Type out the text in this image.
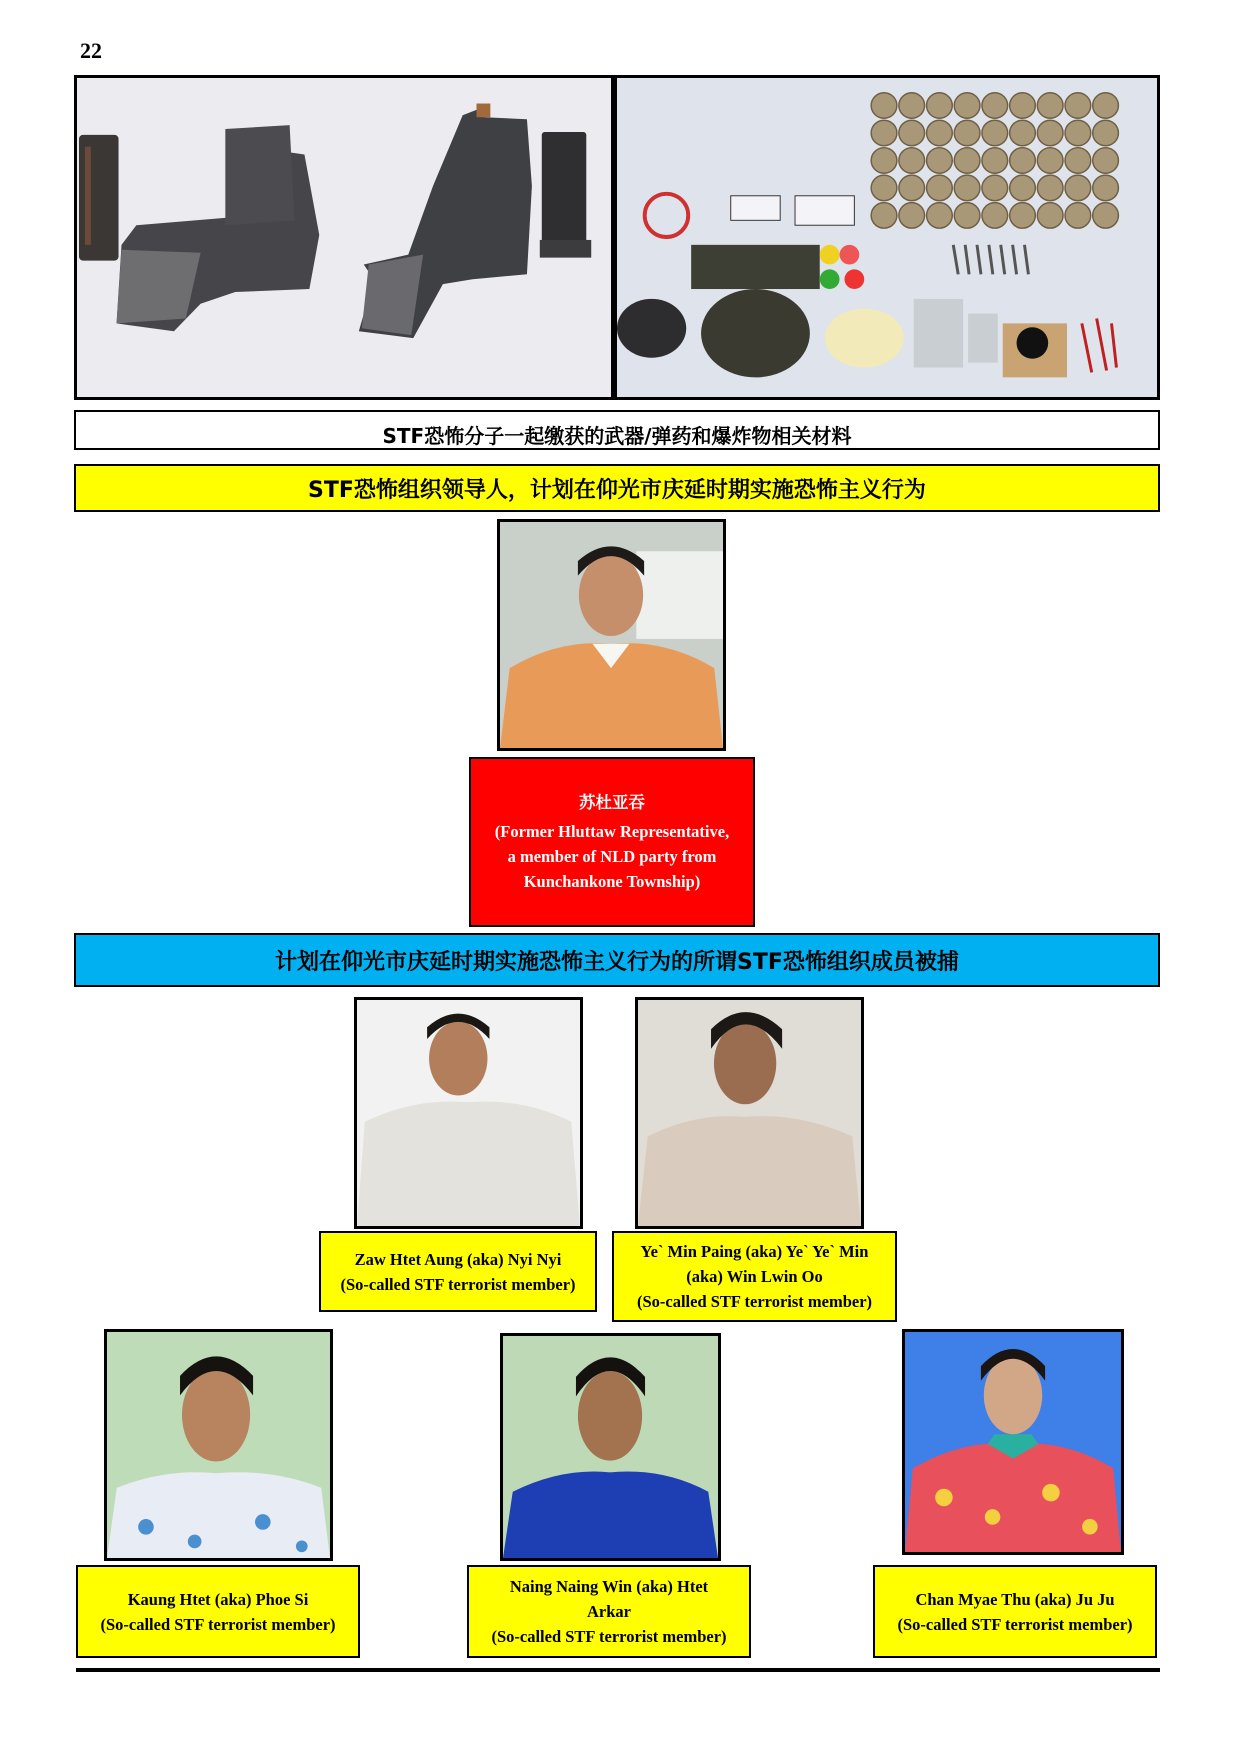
22
STF恐怖分子一起缴获的武器/弹药和爆炸物相关材料
STF恐怖组织领导人，计划在仰光市庆延时期实施恐怖主义行为
苏杜亚吞
(Former Hluttaw Representative,
a member of NLD party from
Kunchankone Township)
计划在仰光市庆延时期实施恐怖主义行为的所谓STF恐怖组织成员被捕
Zaw Htet Aung (aka) Nyi Nyi
(So-called STF terrorist member)
Ye` Min Paing (aka) Ye` Ye` Min
(aka) Win Lwin Oo
(So-called STF terrorist member)
Kaung Htet (aka) Phoe Si
(So-called STF terrorist member)
Naing Naing Win (aka) Htet
Arkar
(So-called STF terrorist member)
Chan Myae Thu (aka) Ju Ju
(So-called STF terrorist member)
